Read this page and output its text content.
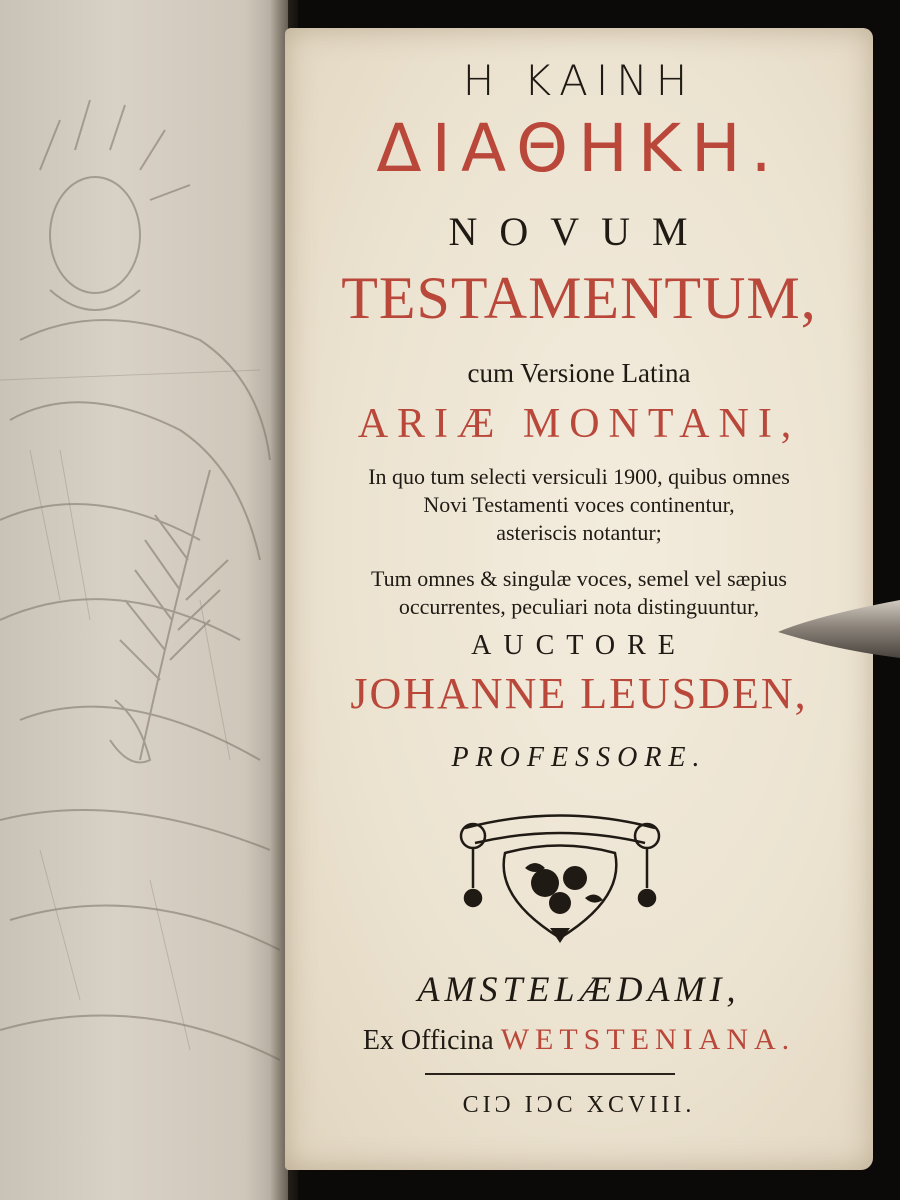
Η ΚΑΙΝΗ
ΔΙΑΘΗΚΗ.
NOVUM
TESTAMENTUM,
cum Versione Latina
ARIÆ MONTANI,
In quo tum selecti versiculi 1900, quibus omnes
Novi Testamenti voces continentur,
asteriscis notantur;
Tum omnes & singulæ voces, semel vel sæpius
occurrentes, peculiari nota distinguuntur,
AUCTORE
JOHANNE LEUSDEN,
PROFESSORE.
AMSTELÆDAMI,
Ex Officina WETSTENIANA.
CIϽ IϽC XCVIII.
